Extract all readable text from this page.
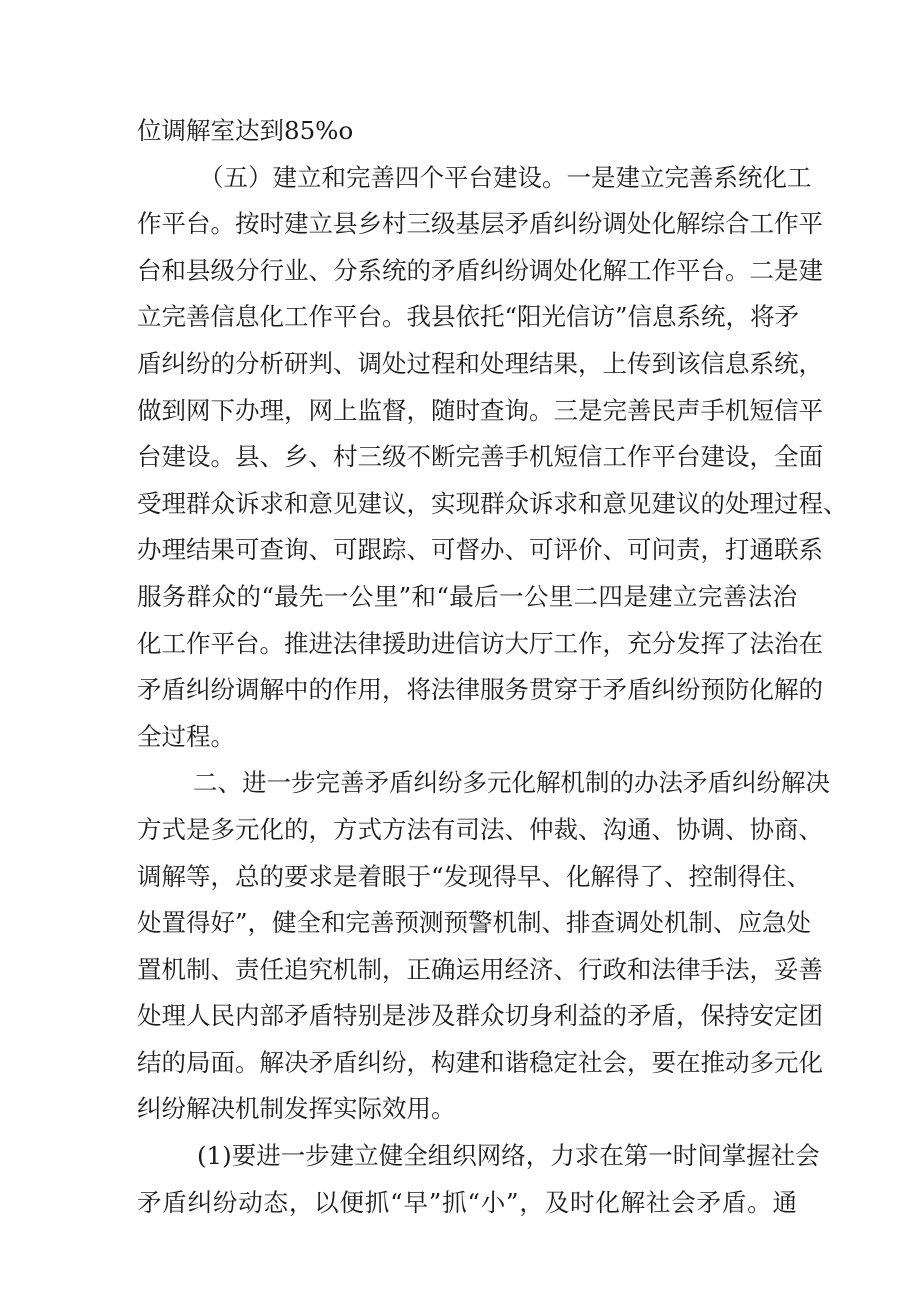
位调解室达到85%o
（五）建立和完善四个平台建设。一是建立完善系统化工
作平台。按时建立县乡村三级基层矛盾纠纷调处化解综合工作平
台和县级分行业、分系统的矛盾纠纷调处化解工作平台。二是建
立完善信息化工作平台。我县依托“阳光信访”信息系统，将矛
盾纠纷的分析研判、调处过程和处理结果，上传到该信息系统，
做到网下办理，网上监督，随时查询。三是完善民声手机短信平
台建设。县、乡、村三级不断完善手机短信工作平台建设，全面
受理群众诉求和意见建议，实现群众诉求和意见建议的处理过程、
办理结果可查询、可跟踪、可督办、可评价、可问责，打通联系
服务群众的“最先一公里”和“最后一公里二四是建立完善法治
化工作平台。推进法律援助进信访大厅工作，充分发挥了法治在
矛盾纠纷调解中的作用，将法律服务贯穿于矛盾纠纷预防化解的
全过程。
二、进一步完善矛盾纠纷多元化解机制的办法矛盾纠纷解决
方式是多元化的，方式方法有司法、仲裁、沟通、协调、协商、
调解等，总的要求是着眼于“发现得早、化解得了、控制得住、
处置得好”，健全和完善预测预警机制、排查调处机制、应急处
置机制、责任追究机制，正确运用经济、行政和法律手法，妥善
处理人民内部矛盾特别是涉及群众切身利益的矛盾，保持安定团
结的局面。解决矛盾纠纷，构建和谐稳定社会，要在推动多元化
纠纷解决机制发挥实际效用。
(1)要进一步建立健全组织网络，力求在第一时间掌握社会
矛盾纠纷动态，以便抓“早”抓“小”，及时化解社会矛盾。通
